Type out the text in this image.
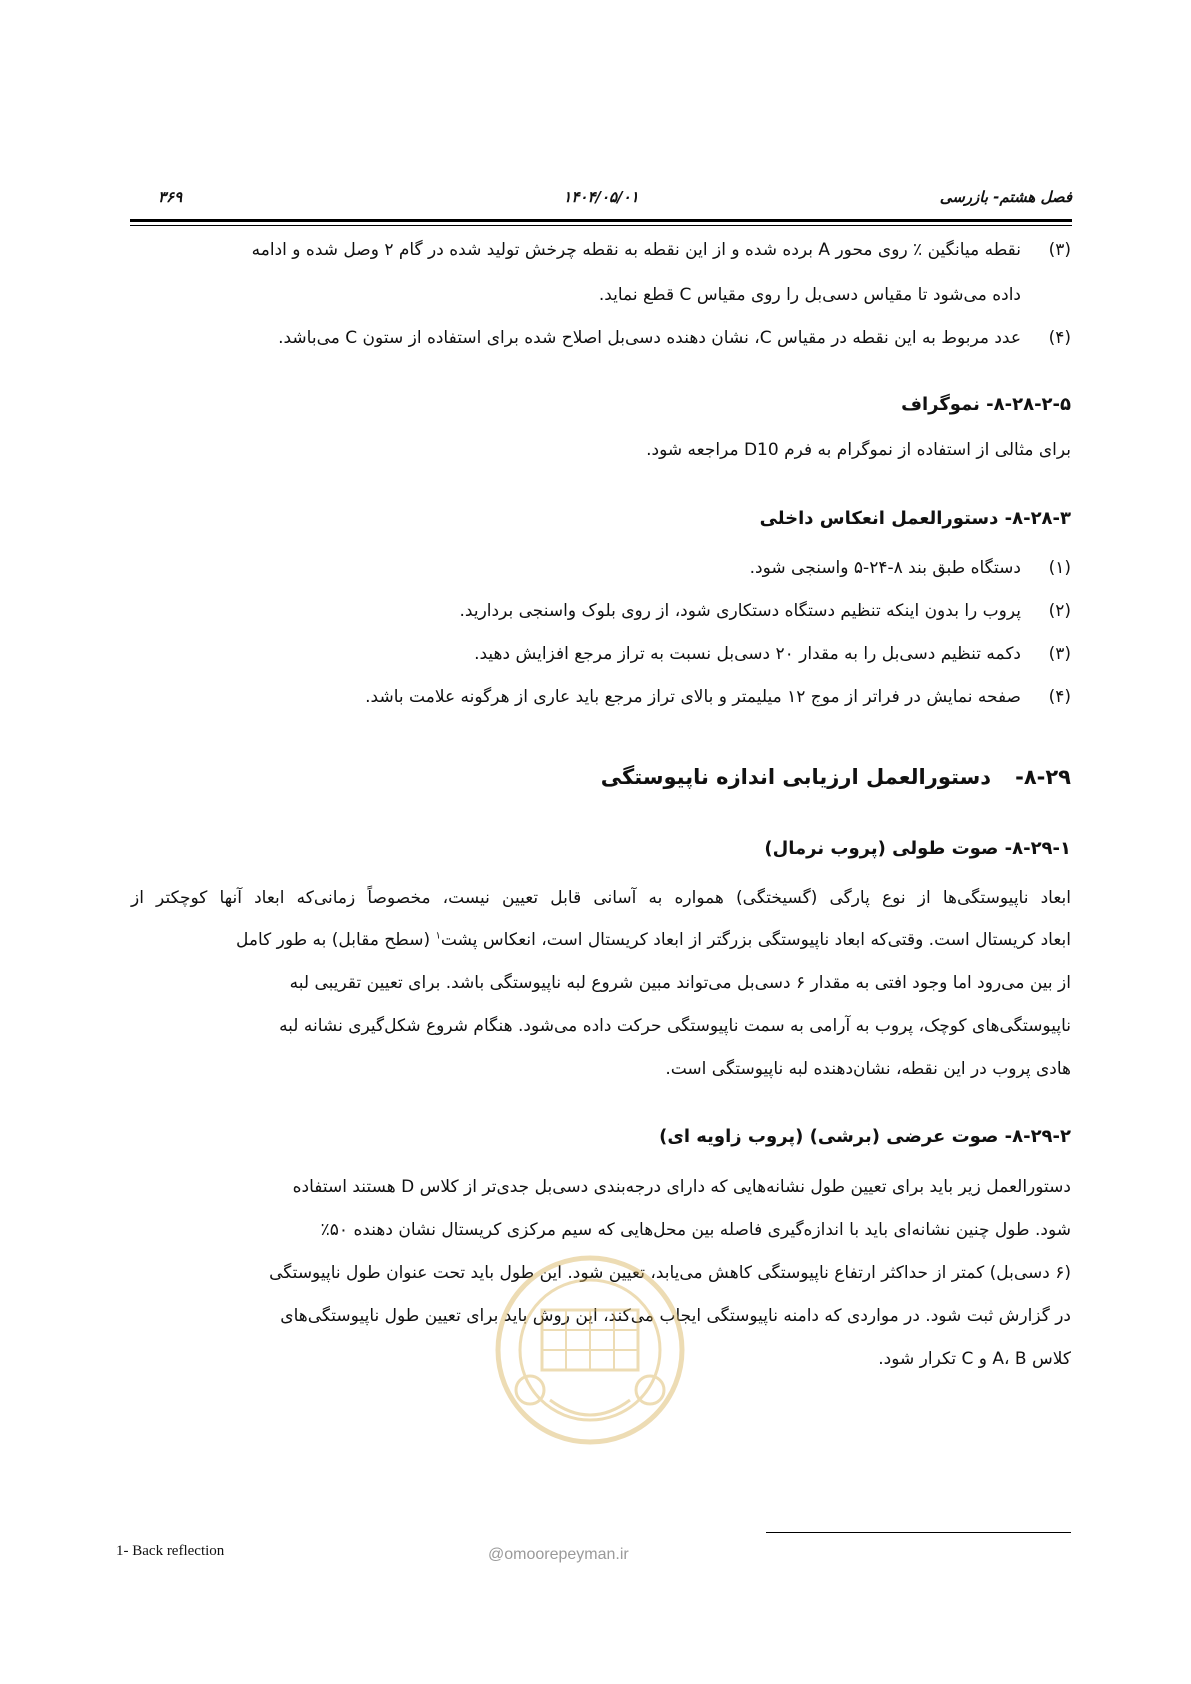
فصل هشتم- بازرسی
۱۴۰۴/۰۵/۰۱
۳۶۹
(۳)نقطه میانگین ٪ روی محور A برده شده و از این نقطه به نقطه چرخش تولید شده در گام ۲ وصل شده و ادامه
داده می‌شود تا مقیاس دسی‌بل را روی مقیاس C قطع نماید.
(۴)عدد مربوط به این نقطه در مقیاس C، نشان دهنده دسی‌بل اصلاح شده برای استفاده از ستون C می‌باشد.
۸-۲۸-۲-۵- نموگراف
برای مثالی از استفاده از نموگرام به فرم D10 مراجعه شود.
۸-۲۸-۳- دستورالعمل انعکاس داخلی
(۱)دستگاه طبق بند ۸-۲۴-۵ واسنجی شود.
(۲)پروب را بدون اینکه تنظیم دستگاه دستکاری شود، از روی بلوک واسنجی بردارید.
(۳)دکمه تنظیم دسی‌بل را به مقدار ۲۰ دسی‌بل نسبت به تراز مرجع افزایش دهید.
(۴)صفحه نمایش در فراتر از موج ۱۲ میلیمتر و بالای تراز مرجع باید عاری از هرگونه علامت باشد.
۸-۲۹-دستورالعمل ارزیابی اندازه ناپیوستگی
۸-۲۹-۱- صوت طولی (پروب نرمال)
ابعاد ناپیوستگی‌ها از نوع پارگی (گسیختگی) همواره به آسانی قابل تعیین نیست، مخصوصاً زمانی‌که ابعاد آنها کوچکتر از
ابعاد کریستال است. وقتی‌که ابعاد ناپیوستگی بزرگتر از ابعاد کریستال است، انعکاس پشت$^۱$ (سطح مقابل) به طور کامل
از بین می‌رود اما وجود افتی به مقدار ۶ دسی‌بل می‌تواند مبین شروع لبه ناپیوستگی باشد. برای تعیین تقریبی لبه
ناپیوستگی‌های کوچک، پروب به آرامی به سمت ناپیوستگی حرکت داده می‌شود. هنگام شروع شکل‌گیری نشانه لبه
هادی پروب در این نقطه، نشان‌دهنده لبه ناپیوستگی است.
۸-۲۹-۲- صوت عرضی (برشی) (پروب زاویه ای)
دستورالعمل زیر باید برای تعیین طول نشانه‌هایی که دارای درجه‌بندی دسی‌بل جدی‌تر از کلاس D هستند استفاده
شود. طول چنین نشانه‌ای باید با اندازه‌گیری فاصله بین محل‌هایی که سیم مرکزی کریستال نشان دهنده ۵۰٪
(۶ دسی‌بل) کمتر از حداکثر ارتفاع ناپیوستگی کاهش می‌یابد، تعیین شود. این طول باید تحت عنوان طول ناپیوستگی
در گزارش ثبت شود. در مواردی که دامنه ناپیوستگی ایجاب می‌کند، این روش باید برای تعیین طول ناپیوستگی‌های
کلاس A، B و C تکرار شود.
@omoorepeyman.ir
1- Back reflection
